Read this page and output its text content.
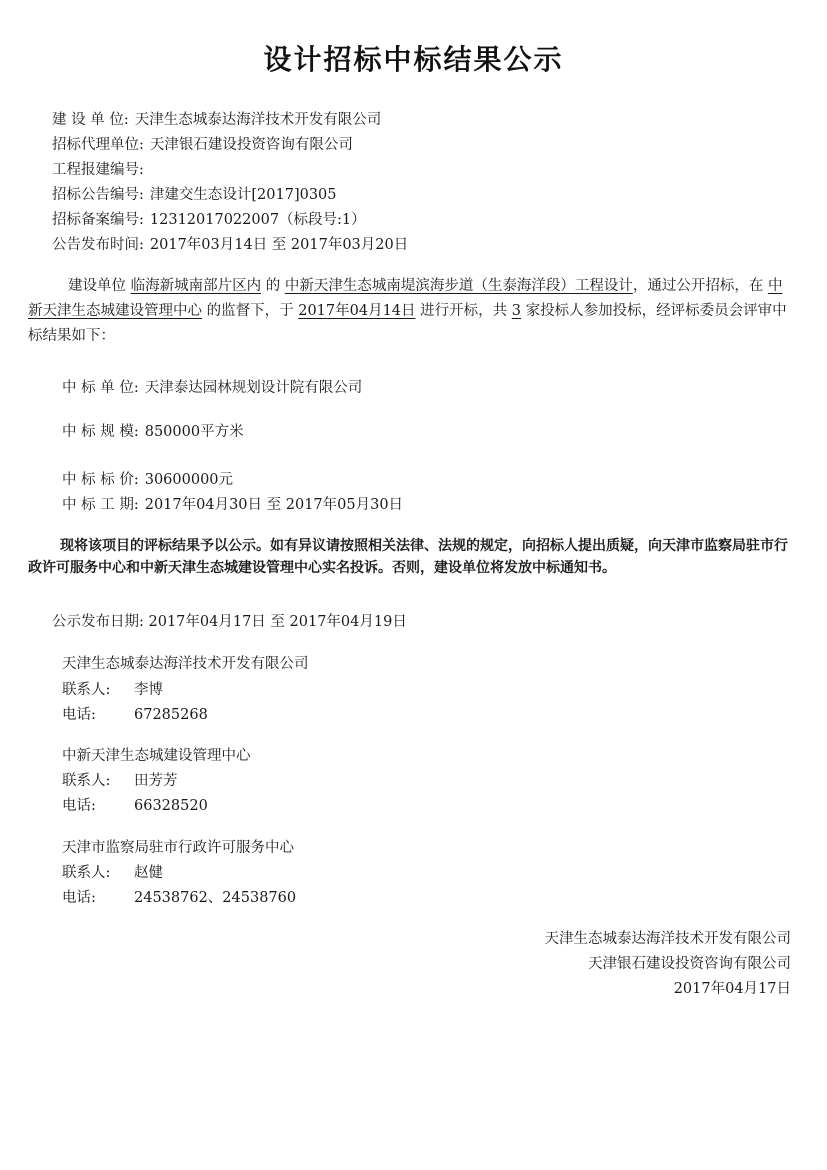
设计招标中标结果公示
建 设 单 位: 天津生态城泰达海洋技术开发有限公司
招标代理单位: 天津银石建设投资咨询有限公司
工程报建编号:
招标公告编号: 津建交生态设计[2017]0305
招标备案编号: 12312017022007（标段号:1）
公告发布时间: 2017年03月14日 至 2017年03月20日
建设单位 临海新城南部片区内 的 中新天津生态城南堤滨海步道（生泰海洋段）工程设计，通过公开招标，在 中新天津生态城建设管理中心 的监督下，于 2017年04月14日 进行开标，共 3 家投标人参加投标，经评标委员会评审中标结果如下：
中 标 单 位: 天津泰达园林规划设计院有限公司
中 标 规 模: 850000平方米
中 标 标 价: 30600000元
中 标 工 期: 2017年04月30日 至 2017年05月30日
现将该项目的评标结果予以公示。如有异议请按照相关法律、法规的规定，向招标人提出质疑，向天津市监察局驻市行政许可服务中心和中新天津生态城建设管理中心实名投诉。否则，建设单位将发放中标通知书。
公示发布日期: 2017年04月17日 至 2017年04月19日
天津生态城泰达海洋技术开发有限公司
联系人: 李博
电话:	67285268
中新天津生态城建设管理中心
联系人: 田芳芳
电话:	66328520
天津市监察局驻市行政许可服务中心
联系人: 赵健
电话:	24538762、24538760
天津生态城泰达海洋技术开发有限公司
天津银石建设投资咨询有限公司
2017年04月17日
